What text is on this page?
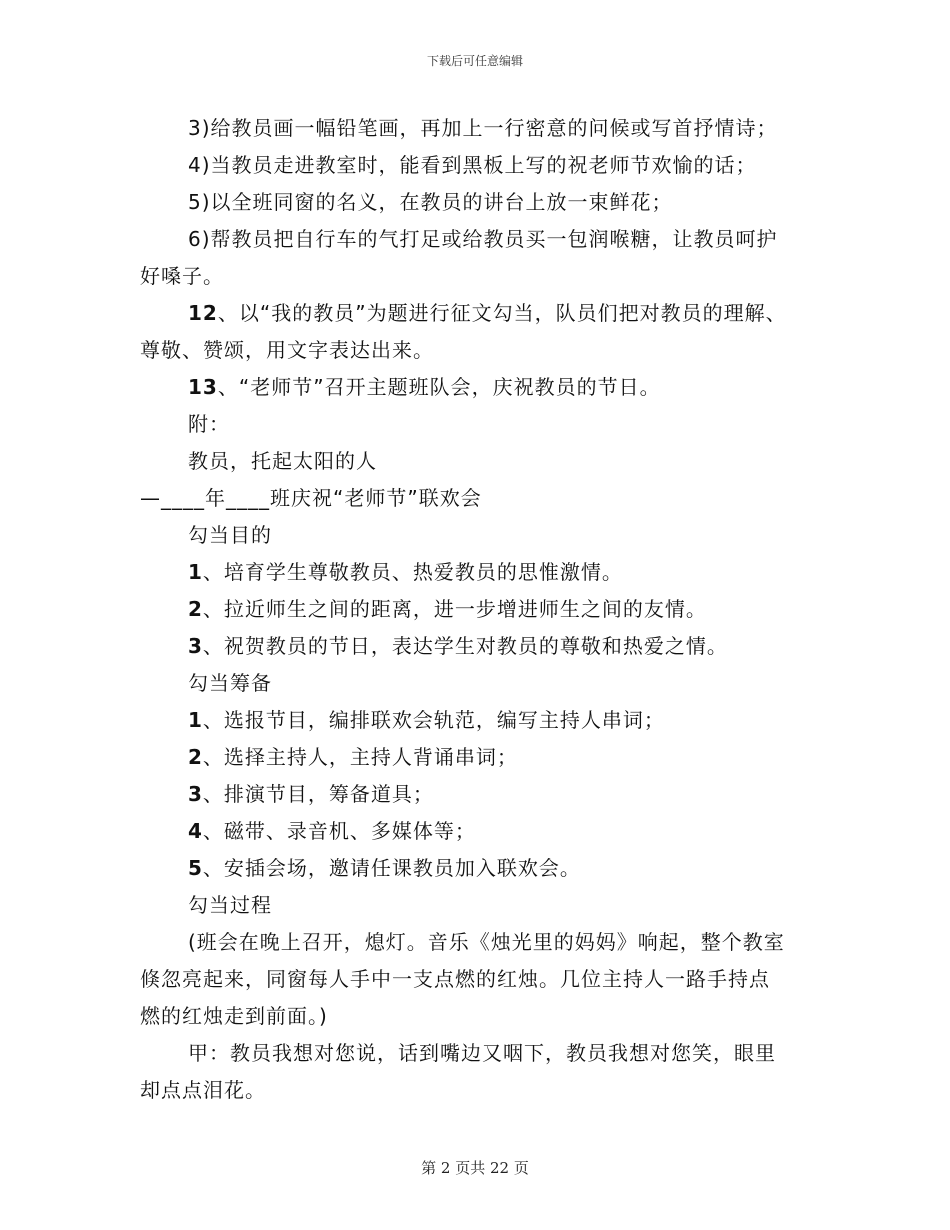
下载后可任意编辑
3)给教员画一幅铅笔画，再加上一行密意的问候或写首抒情诗；
4)当教员走进教室时，能看到黑板上写的祝老师节欢愉的话；
5)以全班同窗的名义，在教员的讲台上放一束鲜花；
6)帮教员把自行车的气打足或给教员买一包润喉糖，让教员呵护
好嗓子。
12、以“我的教员”为题进行征文勾当，队员们把对教员的理解、
尊敬、赞颂，用文字表达出来。
13、“老师节”召开主题班队会，庆祝教员的节日。
附：
教员，托起太阳的人
—____年____班庆祝“老师节”联欢会
勾当目的
1、培育学生尊敬教员、热爱教员的思惟激情。
2、拉近师生之间的距离，进一步增进师生之间的友情。
3、祝贺教员的节日，表达学生对教员的尊敬和热爱之情。
勾当筹备
1、选报节目，编排联欢会轨范，编写主持人串词；
2、选择主持人，主持人背诵串词；
3、排演节目，筹备道具；
4、磁带、录音机、多媒体等；
5、安插会场，邀请任课教员加入联欢会。
勾当过程
(班会在晚上召开，熄灯。音乐《烛光里的妈妈》响起，整个教室
倏忽亮起来，同窗每人手中一支点燃的红烛。几位主持人一路手持点
燃的红烛走到前面。)
甲：教员我想对您说，话到嘴边又咽下，教员我想对您笑，眼里
却点点泪花。
第 2 页共 22 页
